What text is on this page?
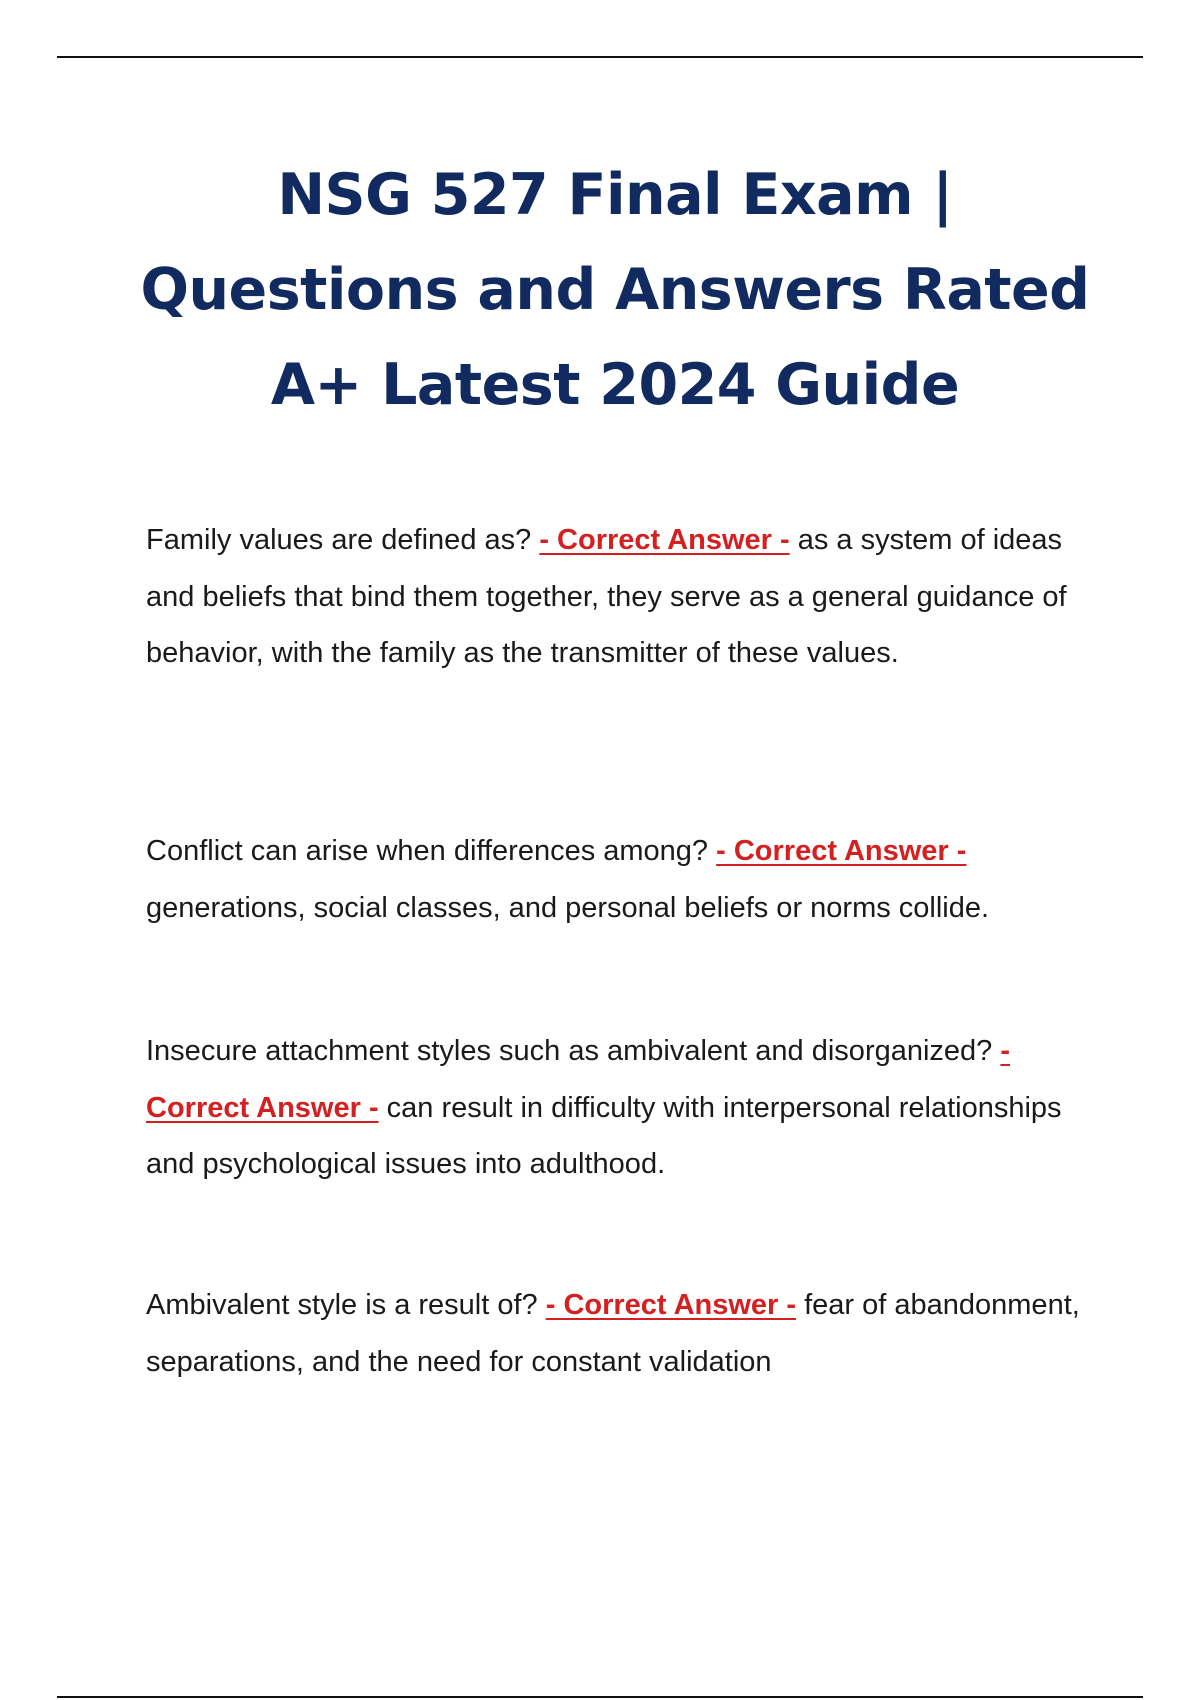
NSG 527 Final Exam |
Questions and Answers Rated
A+ Latest 2024 Guide

Family values are defined as? - Correct Answer - as a system of ideas and beliefs that bind them together, they serve as a general guidance of behavior, with the family as the transmitter of these values.

Conflict can arise when differences among? - Correct Answer - generations, social classes, and personal beliefs or norms collide.

Insecure attachment styles such as ambivalent and disorganized? - Correct Answer - can result in difficulty with interpersonal relationships and psychological issues into adulthood.

Ambivalent style is a result of? - Correct Answer - fear of abandonment, separations, and the need for constant validation
